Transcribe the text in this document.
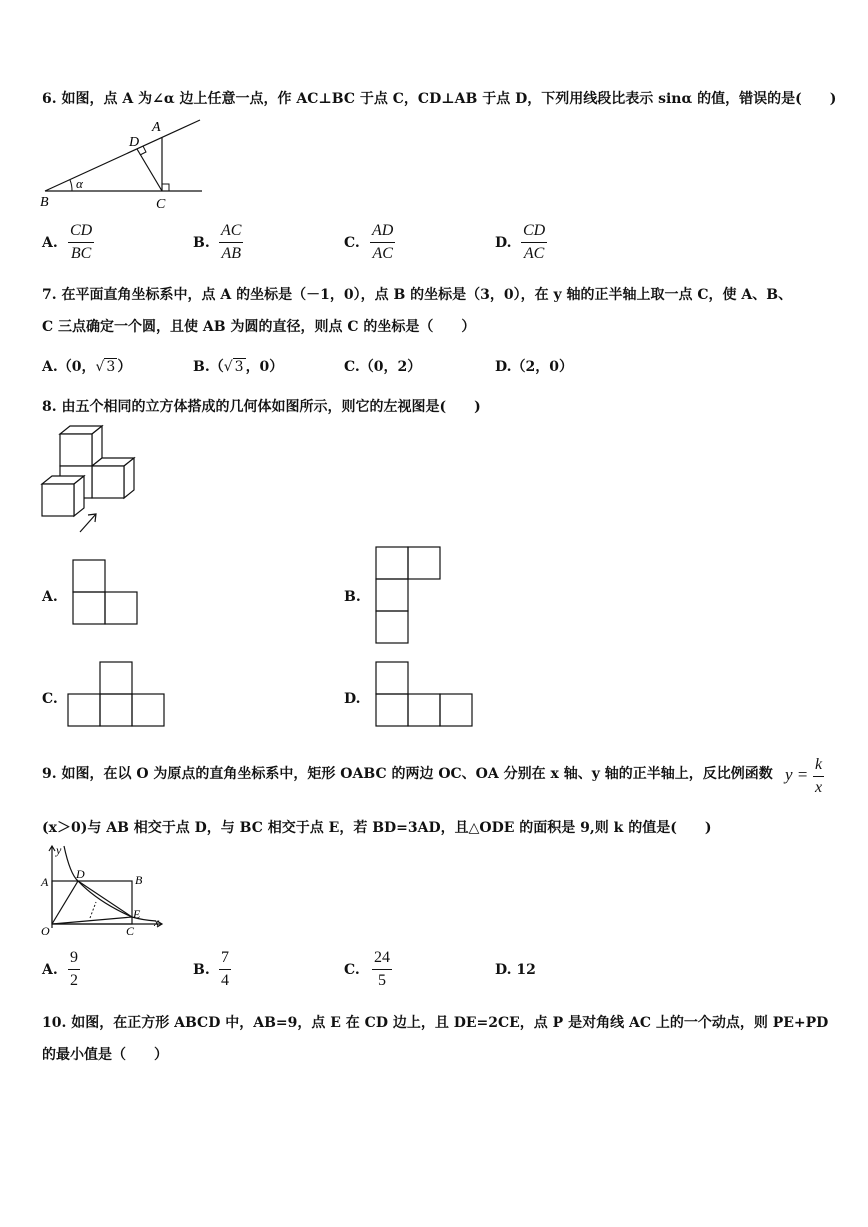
6. 如图，点 A 为∠α 边上任意一点，作 AC⊥BC 于点 C，CD⊥AB 于点 D，下列用线段比表示 sinα 的值，错误的是(　　)
B	C
D
A
α
A. $\frac{CD}{BC}$	B. $\frac{AC}{AB}$	C. $\frac{AD}{AC}$	D. $\frac{CD}{AC}$
7. 在平面直角坐标系中，点 A 的坐标是（－1，0），点 B 的坐标是（3，0），在 y 轴的正半轴上取一点 C，使 A、B、
C 三点确定一个圆，且使 AB 为圆的直径，则点 C 的坐标是（　　）
A.（0，√ 3 ）	B.（√ 3 ，0）	C.（0，2）	D.（2，0）
8. 由五个相同的立方体搭成的几何体如图所示，则它的左视图是(　　)
A.	B.
C.	D.
9. 如图，在以 O 为原点的直角坐标系中，矩形 OABC 的两边 OC、OA 分别在 x 轴、y 轴的正半轴上，反比例函数 $y = \frac{k}{x}$
(x＞0)与 AB 相交于点 D，与 BC 相交于点 E，若 BD=3AD，且△ODE 的面积是 9,则 k 的值是(　　)
y
x
A	B
D
E
O	C
A. $\frac{9}{2}$	B. $\frac{7}{4}$	C. $\frac{24}{5}$	D. 12
10. 如图，在正方形 ABCD 中，AB=9，点 E 在 CD 边上，且 DE=2CE，点 P 是对角线 AC 上的一个动点，则 PE+PD
的最小值是（　　）
